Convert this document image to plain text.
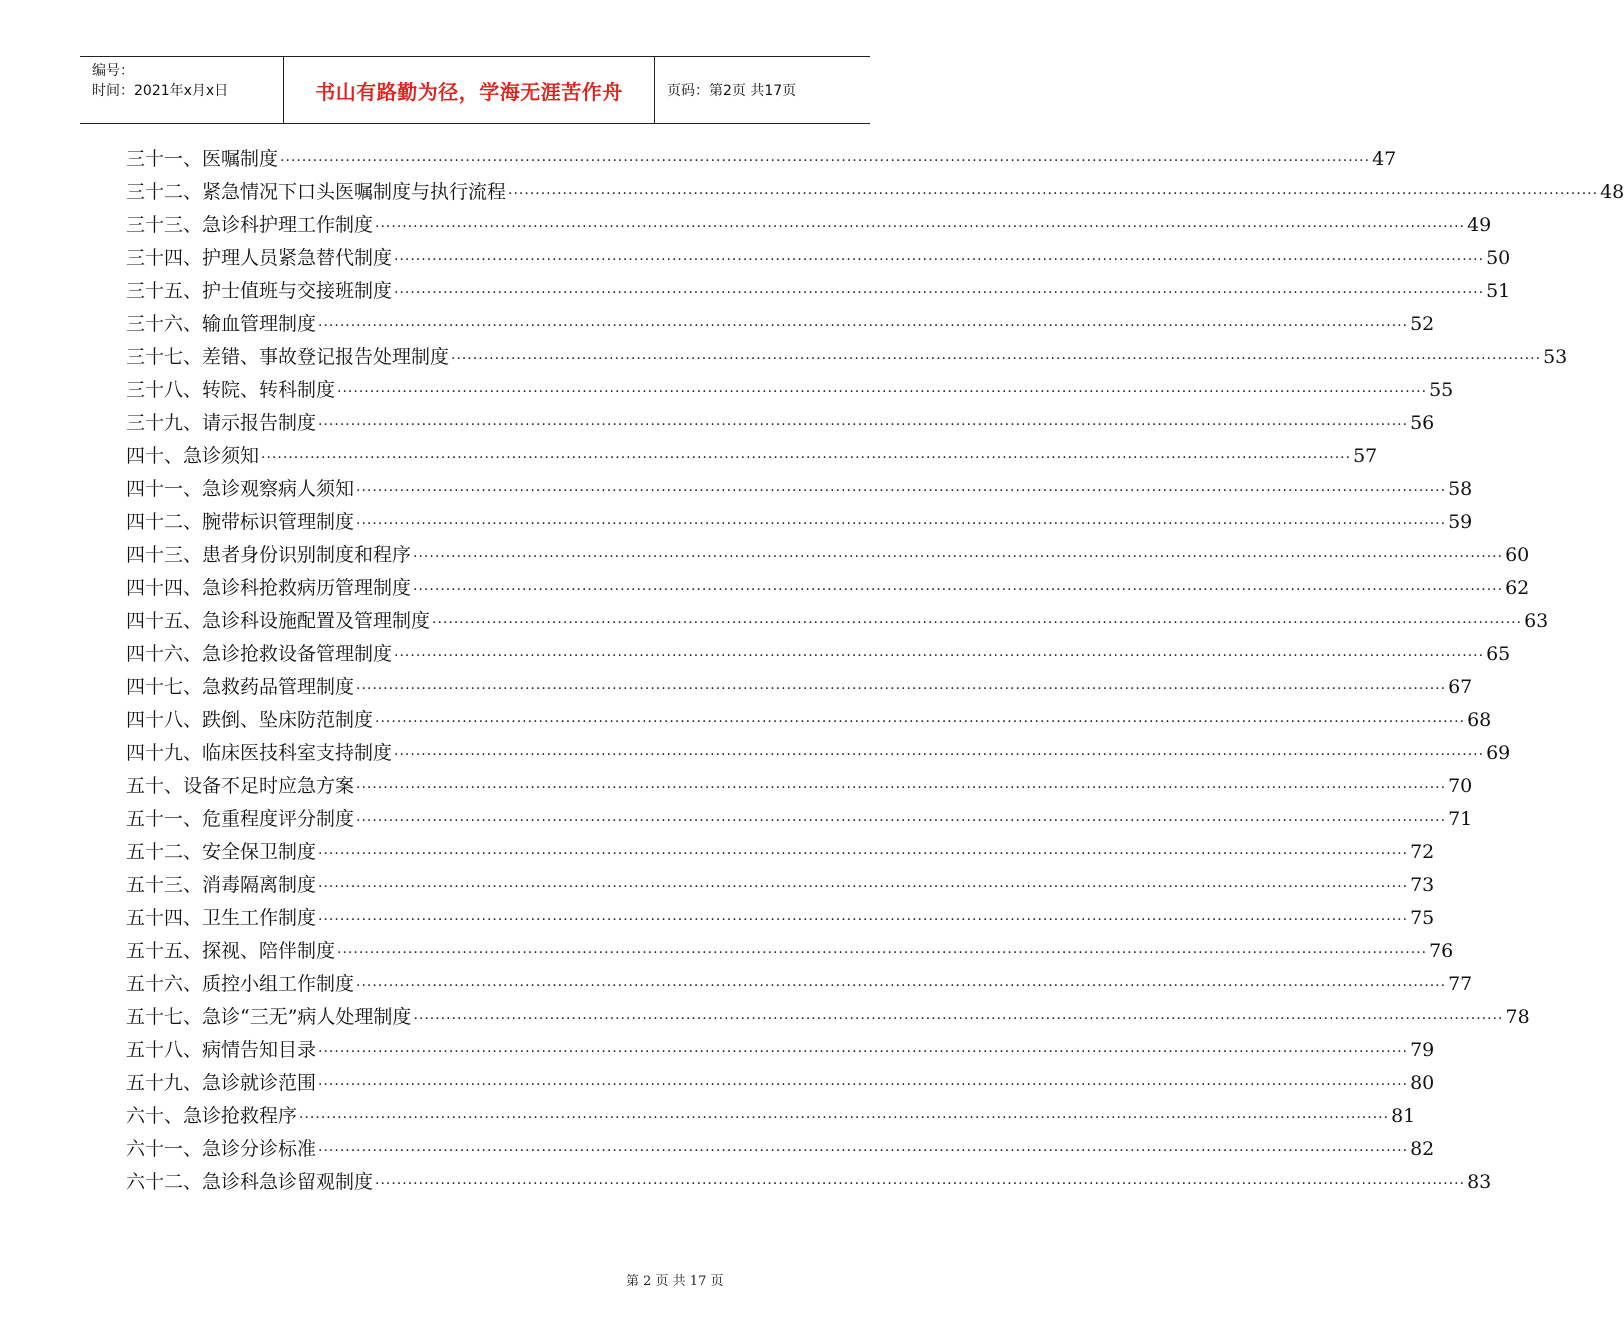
编号：
时间：2021年x月x日	书山有路勤为径，学海无涯苦作舟	页码：第2页 共17页
三十一、医嘱制度 ········································································································································································································ 47
三十二、紧急情况下口头医嘱制度与执行流程 ········································································································································································································ 48
三十三、急诊科护理工作制度 ········································································································································································································ 49
三十四、护理人员紧急替代制度 ········································································································································································································ 50
三十五、护士值班与交接班制度 ········································································································································································································ 51
三十六、输血管理制度 ········································································································································································································ 52
三十七、差错、事故登记报告处理制度 ········································································································································································································ 53
三十八、转院、转科制度 ········································································································································································································ 55
三十九、请示报告制度 ········································································································································································································ 56
四十、急诊须知 ········································································································································································································ 57
四十一、急诊观察病人须知 ········································································································································································································ 58
四十二、腕带标识管理制度 ········································································································································································································ 59
四十三、患者身份识别制度和程序 ········································································································································································································ 60
四十四、急诊科抢救病历管理制度 ········································································································································································································ 62
四十五、急诊科设施配置及管理制度 ········································································································································································································ 63
四十六、急诊抢救设备管理制度 ········································································································································································································ 65
四十七、急救药品管理制度 ········································································································································································································ 67
四十八、跌倒、坠床防范制度 ········································································································································································································ 68
四十九、临床医技科室支持制度 ········································································································································································································ 69
五十、设备不足时应急方案 ········································································································································································································ 70
五十一、危重程度评分制度 ········································································································································································································ 71
五十二、安全保卫制度 ········································································································································································································ 72
五十三、消毒隔离制度 ········································································································································································································ 73
五十四、卫生工作制度 ········································································································································································································ 75
五十五、探视、陪伴制度 ········································································································································································································ 76
五十六、质控小组工作制度 ········································································································································································································ 77
五十七、急诊“三无”病人处理制度 ········································································································································································································ 78
五十八、病情告知目录 ········································································································································································································ 79
五十九、急诊就诊范围 ········································································································································································································ 80
六十、急诊抢救程序 ········································································································································································································ 81
六十一、急诊分诊标准 ········································································································································································································ 82
六十二、急诊科急诊留观制度 ········································································································································································································ 83
第 2 页 共 17 页
